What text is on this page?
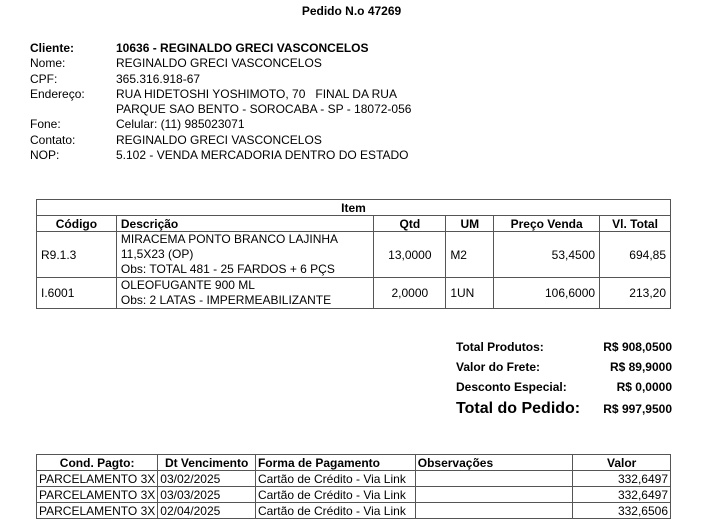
Pedido N.o 47269
Cliente:	10636 - REGINALDO GRECI VASCONCELOS
Nome:	REGINALDO GRECI VASCONCELOS
CPF:	365.316.918-67
Endereço:	RUA HIDETOSHI YOSHIMOTO, 70   FINAL DA RUA
PARQUE SAO BENTO - SOROCABA - SP - 18072-056
Fone:	Celular: (11) 985023071
Contato:	REGINALDO GRECI VASCONCELOS
NOP:	5.102 - VENDA MERCADORIA DENTRO DO ESTADO
Item					
Código	Descrição	Qtd	UM	Preço Venda	Vl. Total
R9.1.3	MIRACEMA PONTO BRANCO LAJINHA
11,5X23 (OP)
Obs: TOTAL 481 - 25 FARDOS + 6 PÇS	13,0000	M2	53,4500	694,85
I.6001	OLEOFUGANTE 900 ML
Obs: 2 LATAS - IMPERMEABILIZANTE	2,0000	1UN	106,6000	213,20
Total Produtos:	R$ 908,0500
Valor do Frete:	R$ 89,9000
Desconto Especial:	R$ 0,0000
Total do Pedido: R$ 997,9500
Cond. Pagto:	Dt Vencimento	Forma de Pagamento	Observações	Valor
PARCELAMENTO 3X	03/02/2025	Cartão de Crédito - Via Link		332,6497
PARCELAMENTO 3X	03/03/2025	Cartão de Crédito - Via Link		332,6497
PARCELAMENTO 3X	02/04/2025	Cartão de Crédito - Via Link		332,6506
